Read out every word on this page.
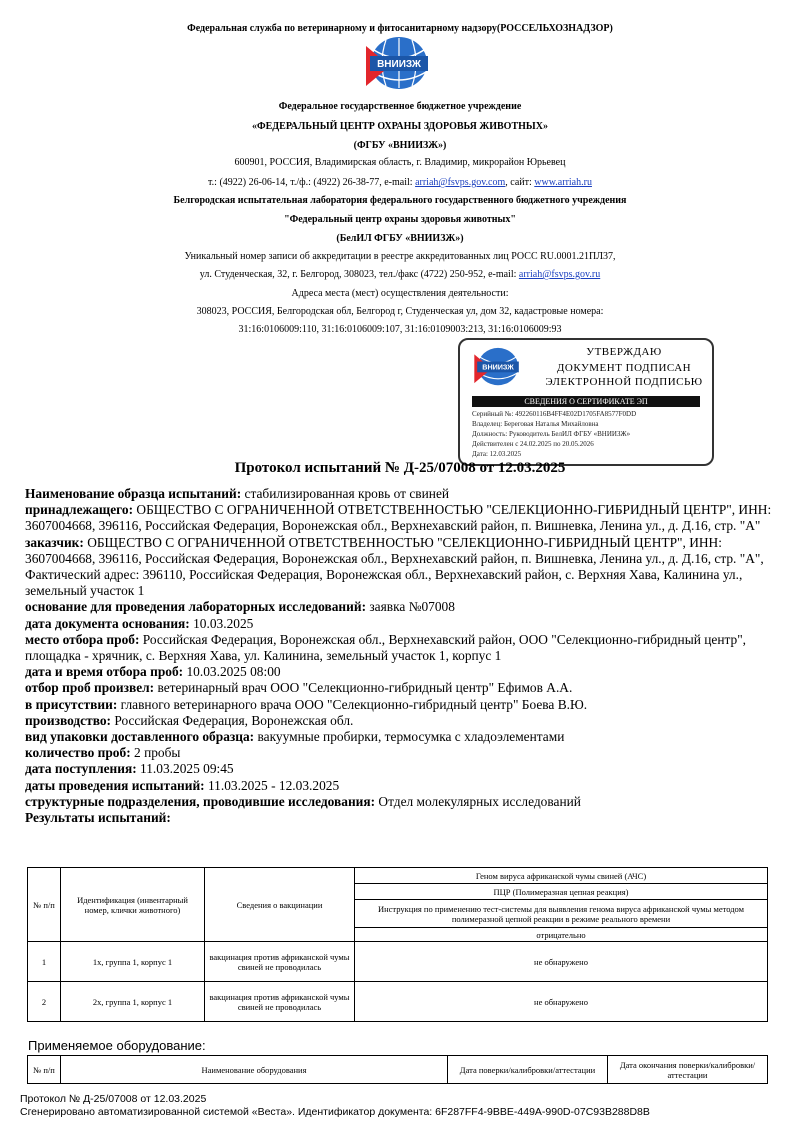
Федеральная служба по ветеринарному и фитосанитарному надзору(РОССЕЛЬХОЗНАДЗОР)
ВНИИЗЖ
Федеральное государственное бюджетное учреждение
«ФЕДЕРАЛЬНЫЙ ЦЕНТР ОХРАНЫ ЗДОРОВЬЯ ЖИВОТНЫХ»
(ФГБУ «ВНИИЗЖ»)
600901, РОССИЯ, Владимирская область, г. Владимир, микрорайон Юрьевец
т.: (4922) 26-06-14, т./ф.: (4922) 26-38-77, e-mail: arriah@fsvps.gov.com, сайт: www.arriah.ru
Белгородская испытательная лаборатория федерального государственного бюджетного учреждения
"Федеральный центр охраны здоровья животных"
(БелИЛ ФГБУ «ВНИИЗЖ»)
Уникальный номер записи об аккредитации в реестре аккредитованных лиц РОСС RU.0001.21ПЛ37,
ул. Студенческая, 32, г. Белгород, 308023, тел./факс (4722) 250-952, e-mail: arriah@fsvps.gov.ru
Адреса места (мест) осуществления деятельности:
308023, РОССИЯ, Белгородская обл, Белгород г, Студенческая ул, дом 32, кадастровые номера:
31:16:0106009:110, 31:16:0106009:107, 31:16:0109003:213, 31:16:0106009:93
ВНИИЗЖ
УТВЕРЖДАЮ
ДОКУМЕНТ ПОДПИСАН
ЭЛЕКТРОННОЙ ПОДПИСЬЮ
СВЕДЕНИЯ О СЕРТИФИКАТЕ ЭП
Серийный №: 492260116B4FF4E02D1705FA8577F0DD
Владелец: Береговая Наталья Михайловна
Должность: Руководитель БелИЛ ФГБУ «ВНИИЗЖ»
Действителен с 24.02.2025 по 20.05.2026
Дата: 12.03.2025
Протокол испытаний № Д-25/07008 от 12.03.2025

Наименование образца испытаний: стабилизированная кровь от свиней

принадлежащего: ОБЩЕСТВО С ОГРАНИЧЕННОЙ ОТВЕТСТВЕННОСТЬЮ "СЕЛЕКЦИОННО-ГИБРИДНЫЙ ЦЕНТР", ИНН: 3607004668, 396116, Российская Федерация, Воронежская обл., Верхнехавский район, п. Вишневка, Ленина ул., д. Д.16, стр. "А"

заказчик: ОБЩЕСТВО С ОГРАНИЧЕННОЙ ОТВЕТСТВЕННОСТЬЮ "СЕЛЕКЦИОННО-ГИБРИДНЫЙ ЦЕНТР", ИНН: 3607004668, 396116, Российская Федерация, Воронежская обл., Верхнехавский район, п. Вишневка, Ленина ул., д. Д.16, стр. "А", Фактический адрес: 396110, Российская Федерация, Воронежская обл., Верхнехавский район, с. Верхняя Хава, Калинина ул., земельный участок 1

основание для проведения лабораторных исследований: заявка №07008

дата документа основания: 10.03.2025

место отбора проб: Российская Федерация, Воронежская обл., Верхнехавский район, ООО "Селекционно-гибридный центр", площадка - хрячник, с. Верхняя Хава, ул. Калинина, земельный участок 1, корпус 1

дата и время отбора проб: 10.03.2025 08:00

отбор проб произвел: ветеринарный врач ООО "Селекционно-гибридный центр" Ефимов А.А.

в присутствии: главного ветеринарного врача ООО "Селекционно-гибридный центр" Боева В.Ю.

производство: Российская Федерация, Воронежская обл.

вид упаковки доставленного образца: вакуумные пробирки, термосумка с хладоэлементами

количество проб: 2 пробы

дата поступления: 11.03.2025 09:45

даты проведения испытаний: 11.03.2025 - 12.03.2025

структурные подразделения, проводившие исследования: Отдел молекулярных исследований

Результаты испытаний:

№ п/п	Идентификация (инвентарный номер, клички животного)	Сведения о вакцинации	Геном вируса африканской чумы свиней (АЧС)
			ПЦР (Полимеразная цепная реакция)
			Инструкция по применению тест-системы для выявления генома вируса африканской чумы методом полимеразной цепной реакции в режиме реального времени
			отрицательно
1	1х, группа 1, корпус 1	вакцинация против африканской чумы свиней не проводилась	не обнаружено
2	2х, группа 1, корпус 1	вакцинация против африканской чумы свиней не проводилась	не обнаружено
Применяемое оборудование:
№ п/п	Наименование оборудования	Дата поверки/калибровки/аттестации	Дата окончания поверки/калибровки/аттестации
Протокол № Д-25/07008 от 12.03.2025
Сгенерировано автоматизированной системой «Веста». Идентификатор документа: 6F287FF4-9BBE-449A-990D-07C93B288D8B
